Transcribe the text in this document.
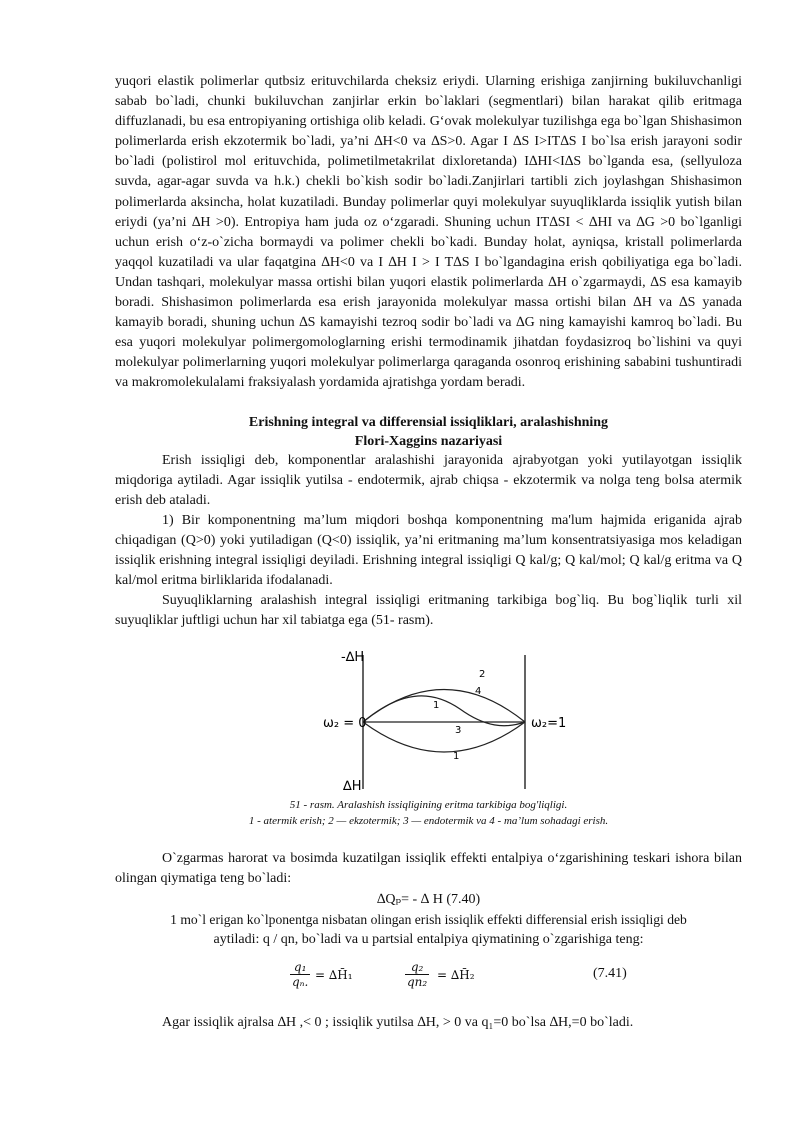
yuqori elastik polimerlar qutbsiz erituvchilarda cheksiz eriydi. Ularning erishiga zanjirning bukiluvchanligi sabab bo`ladi, chunki bukiluvchan zanjirlar erkin bo`laklari (segmentlari) bilan harakat qilib eritmaga diffuzlanadi, bu esa entropiyaning ortishiga olib keladi. G‘ovak molekulyar tuzilishga ega bo`lgan Shishasimon polimerlarda erish ekzotermik bo`ladi, ya’ni ∆H<0 va ∆S>0. Agar I ∆S I>IT∆S I bo`lsa erish jarayoni sodir bo`ladi (polistirol mol erituvchida, polimetilmetakrilat dixloretanda) I∆HI<I∆S bo`lganda esa, (sellyuloza suvda, agar-agar suvda va h.k.) chekli bo`kish sodir bo`ladi.Zanjirlari tartibli zich joylashgan Shishasimon polimerlarda aksincha, holat kuzatiladi. Bunday polimerlar quyi molekulyar suyuqliklarda issiqlik yutish bilan eriydi (ya’ni ∆H >0). Entropiya ham juda oz o‘zgaradi. Shuning uchun IT∆SI < ∆HI va ∆G >0 bo`lganligi uchun erish o‘z-o`zicha bormaydi va polimer chekli bo`kadi. Bunday holat, ayniqsa, kristall polimerlarda yaqqol kuzatiladi va ular faqatgina ∆H<0 va I ∆H I > I T∆S I bo`lgandagina erish qobiliyatiga ega bo`ladi. Undan tashqari, molekulyar massa ortishi bilan yuqori elastik polimerlarda ∆H o`zgarmaydi, ∆S esa kamayib boradi. Shishasimon polimerlarda esa erish jarayonida molekulyar massa ortishi bilan ∆H va ∆S yanada kamayib boradi, shuning uchun ∆S kamayishi tezroq sodir bo`ladi va ∆G ning kamayishi kamroq bo`ladi. Bu esa yuqori molekulyar polimergomologlarning erishi termodinamik jihatdan foydasizroq bo`lishini va quyi molekulyar polimerlarning yuqori molekulyar polimerlarga qaraganda osonroq erishining sababini tushuntiradi va makromolekulalami fraksiyalash yordamida ajratishga yordam beradi.

Erishning integral va differensial issiqliklari, aralashishning

Flori-Xaggins nazariyasi

Erish issiqligi deb, komponentlar aralashishi jarayonida ajrabyotgan yoki yutilayotgan issiqlik miqdoriga aytiladi. Agar issiqlik yutilsa - endotermik, ajrab chiqsa - ekzotermik va nolga teng bolsa atermik erish deb ataladi.

1) Bir komponentning ma’lum miqdori boshqa komponentning ma'lum hajmida eriganida ajrab chiqadigan (Q>0) yoki yutiladigan (Q<0) issiqlik, ya’ni eritmaning ma’lum konsentratsiyasiga mos keladigan issiqlik erishning integral issiqligi deyiladi. Erishning integral issiqligi Q kal/g; Q kal/mol; Q kal/g eritma va Q kal/mol eritma birliklarida ifodalanadi.

Suyuqliklarning aralashish integral issiqligi eritmaning tarkibiga bog`liq. Bu bog`liqlik turli xil suyuqliklar juftligi uchun har xil tabiatga ega (51- rasm).

-∆H
∆H
ω₂ = 0	ω₂=1
2
4
1
3
1

51 - rasm. Aralashish issiqligining eritma tarkibiga bog'liqligi.

1 - atermik erish; 2 — ekzotermik; 3 — endotermik va 4 - ma’lum sohadagi erish.

O`zgarmas harorat va bosimda kuzatilgan issiqlik effekti entalpiya o‘zgarishining teskari ishora bilan olingan qiymatiga teng bo`ladi:

∆Qₚ= - ∆ H (7.40)

1 mo`l erigan ko`lponentga nisbatan olingan erish issiqlik effekti differensial erish issiqligi deb

aytiladi: q / qn, bo`ladi va u partsial entalpiya qiymatining o`zgarishiga teng:

$\frac{\text{q₁}}{\text{qₙ.}}$ = ∆H̄₁	$\frac{\text{q₂}}{\text{qn₂}}$ = ∆H̄₂	(7.41)

Agar issiqlik ajralsa ∆H ,< 0 ; issiqlik yutilsa ∆H, > 0 va q₁=0 bo`lsa ∆H,=0 bo`ladi.
